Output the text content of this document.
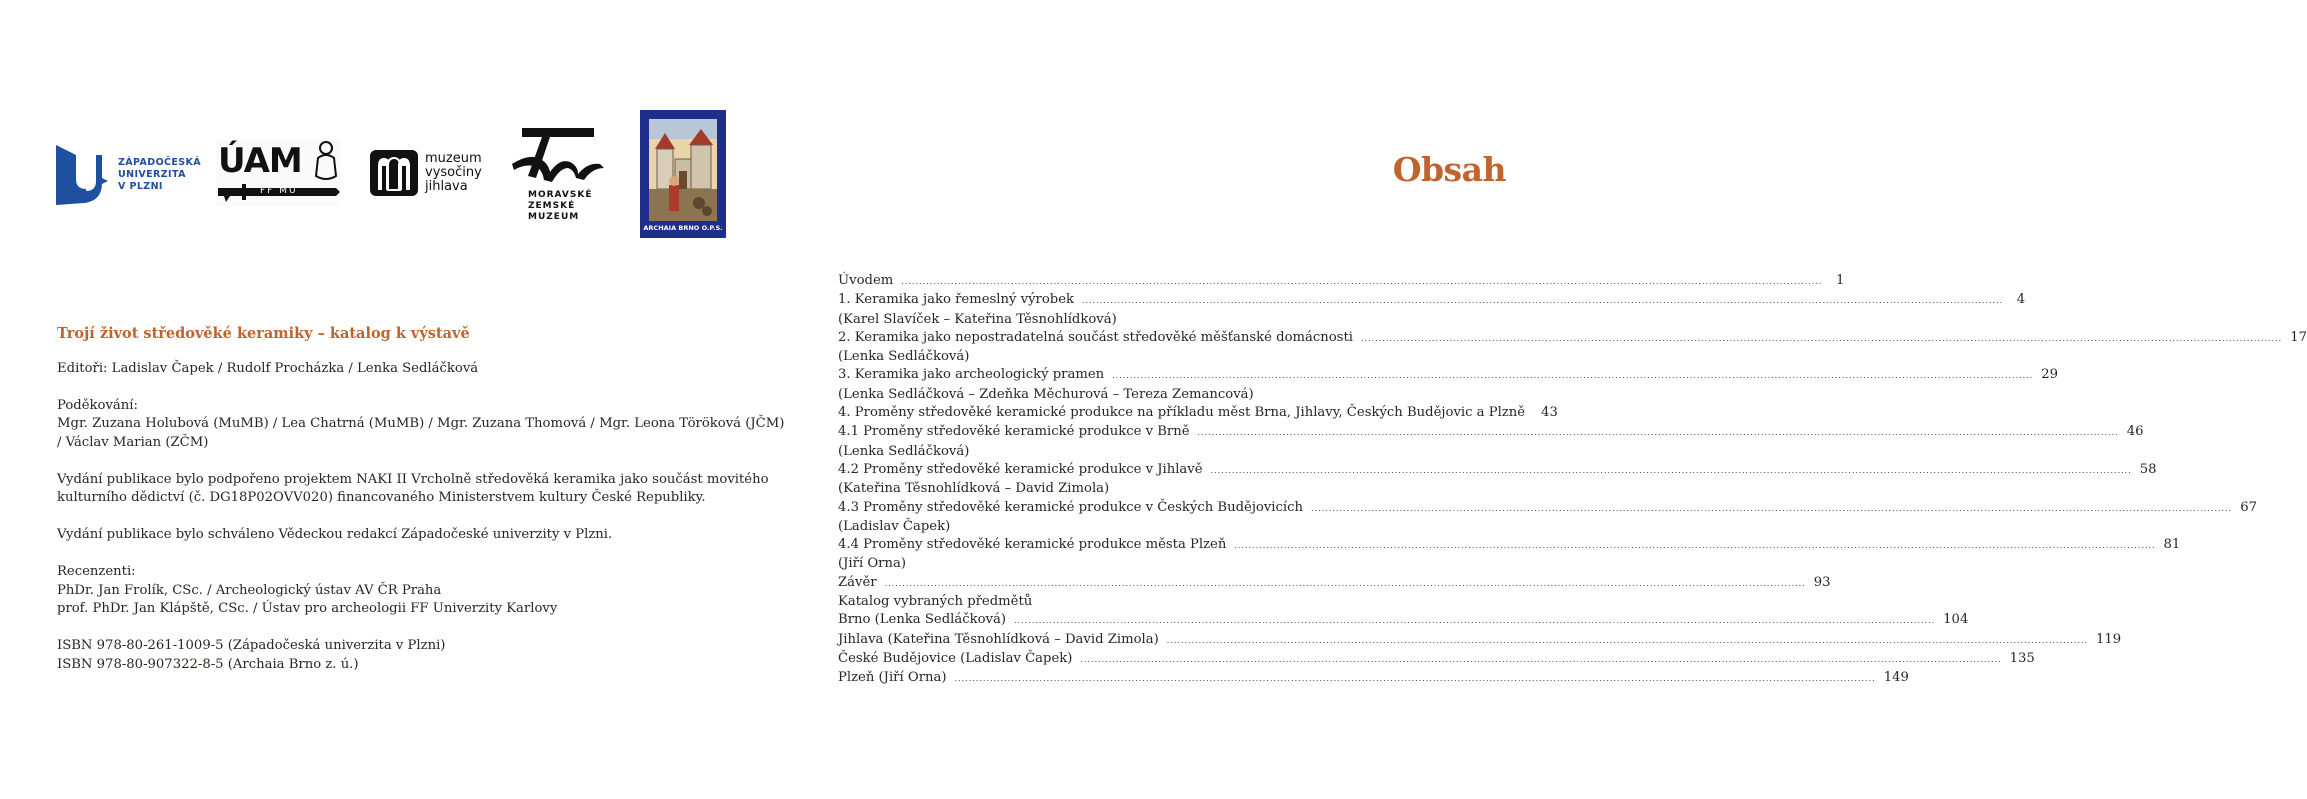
ZÁPADOČESKÁ
UNIVERZITA
V PLZNI
ÚAM
FF MU
muzeum
vysočiny
jihlava
MORAVSKÉ
ZEMSKÉ
MUZEUM
ARCHAIA BRNO O.P.S.
Obsah
Trojí život středověké keramiky – katalog k výstavě
Editoři: Ladislav Čapek / Rudolf Procházka / Lenka Sedláčková
Poděkování:
Mgr. Zuzana Holubová (MuMB) / Lea Chatrná (MuMB) / Mgr. Zuzana Thomová / Mgr. Leona Töröková (JČM)
/ Václav Marian (ZČM)
Vydání publikace bylo podpořeno projektem NAKI II Vrcholně středověká keramika jako součást movitého
kulturního dědictví (č. DG18P02OVV020) financovaného Ministerstvem kultury České Republiky.
Vydání publikace bylo schváleno Vědeckou redakcí Západočeské univerzity v Plzni.
Recenzenti:
PhDr. Jan Frolík, CSc. / Archeologický ústav AV ČR Praha
prof. PhDr. Jan Klápště, CSc. / Ústav pro archeologii FF Univerzity Karlovy
ISBN 978-80-261-1009-5 (Západočeská univerzita v Plzni)
ISBN 978-80-907322-8-5 (Archaia Brno z. ú.)
Úvodem ....................................................................................................................................................................................................................................................................	1
1. Keramika jako řemeslný výrobek ....................................................................................................................................................................................................................................................................	4
(Karel Slavíček – Kateřina Těsnohlídková)
2. Keramika jako nepostradatelná součást středověké měšťanské domácnosti .................................................................................................................................................................................................................................................................... 17
(Lenka Sedláčková)
3. Keramika jako archeologický pramen .................................................................................................................................................................................................................................................................... 29
(Lenka Sedláčková – Zdeňka Měchurová – Tereza Zemancová)
4. Proměny středověké keramické produkce na příkladu měst Brna, Jihlavy, Českých Budějovic a Plzně 43
4.1 Proměny středověké keramické produkce v Brně .................................................................................................................................................................................................................................................................... 46
(Lenka Sedláčková)
4.2 Proměny středověké keramické produkce v Jihlavě .................................................................................................................................................................................................................................................................... 58
(Kateřina Těsnohlídková – David Zimola)
4.3 Proměny středověké keramické produkce v Českých Budějovicích .................................................................................................................................................................................................................................................................... 67
(Ladislav Čapek)
4.4 Proměny středověké keramické produkce města Plzeň .................................................................................................................................................................................................................................................................... 81
(Jiří Orna)
Závěr .................................................................................................................................................................................................................................................................... 93
Katalog vybraných předmětů
Brno (Lenka Sedláčková) .................................................................................................................................................................................................................................................................... 104
Jihlava (Kateřina Těsnohlídková – David Zimola) .................................................................................................................................................................................................................................................................... 119
České Budějovice (Ladislav Čapek) .................................................................................................................................................................................................................................................................... 135
Plzeň (Jiří Orna) .................................................................................................................................................................................................................................................................... 149
